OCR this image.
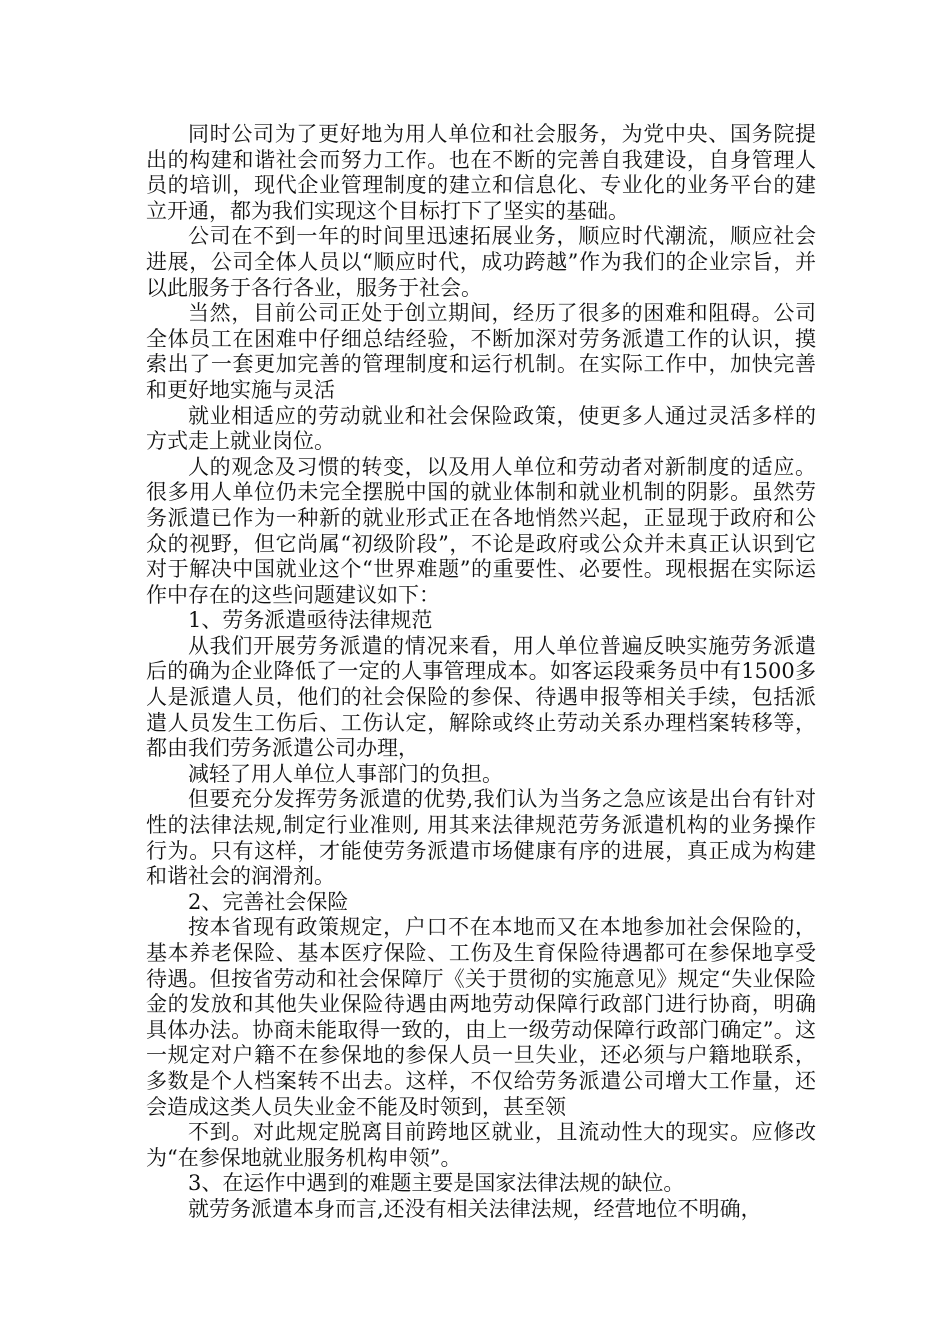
同时公司为了更好地为用人单位和社会服务，为党中央、国务院提出的构建和谐社会而努力工作。也在不断的完善自我建设，自身管理人员的培训，现代企业管理制度的建立和信息化、专业化的业务平台的建立开通，都为我们实现这个目标打下了坚实的基础。

公司在不到一年的时间里迅速拓展业务，顺应时代潮流，顺应社会进展，公司全体人员以“顺应时代，成功跨越”作为我们的企业宗旨，并以此服务于各行各业，服务于社会。

当然，目前公司正处于创立期间，经历了很多的困难和阻碍。公司全体员工在困难中仔细总结经验，不断加深对劳务派遣工作的认识，摸索出了一套更加完善的管理制度和运行机制。在实际工作中，加快完善和更好地实施与灵活

就业相适应的劳动就业和社会保险政策，使更多人通过灵活多样的方式走上就业岗位。

人的观念及习惯的转变，以及用人单位和劳动者对新制度的适应。很多用人单位仍未完全摆脱中国的就业体制和就业机制的阴影。虽然劳务派遣已作为一种新的就业形式正在各地悄然兴起，正显现于政府和公众的视野，但它尚属“初级阶段”，不论是政府或公众并未真正认识到它对于解决中国就业这个“世界难题”的重要性、必要性。现根据在实际运作中存在的这些问题建议如下：

1、劳务派遣亟待法律规范

从我们开展劳务派遣的情况来看，用人单位普遍反映实施劳务派遣后的确为企业降低了一定的人事管理成本。如客运段乘务员中有1500多人是派遣人员，他们的社会保险的参保、待遇申报等相关手续，包括派遣人员发生工伤后、工伤认定，解除或终止劳动关系办理档案转移等，都由我们劳务派遣公司办理，

减轻了用人单位人事部门的负担。

但要充分发挥劳务派遣的优势,我们认为当务之急应该是出台有针对性的法律法规,制定行业准则, 用其来法律规范劳务派遣机构的业务操作行为。只有这样，才能使劳务派遣市场健康有序的进展，真正成为构建和谐社会的润滑剂。

2、完善社会保险

按本省现有政策规定，户口不在本地而又在本地参加社会保险的，基本养老保险、基本医疗保险、工伤及生育保险待遇都可在参保地享受待遇。但按省劳动和社会保障厅《关于贯彻的实施意见》规定“失业保险金的发放和其他失业保险待遇由两地劳动保障行政部门进行协商，明确具体办法。协商未能取得一致的，由上一级劳动保障行政部门确定”。这一规定对户籍不在参保地的参保人员一旦失业，还必须与户籍地联系，多数是个人档案转不出去。这样，不仅给劳务派遣公司增大工作量，还会造成这类人员失业金不能及时领到，甚至领

不到。对此规定脱离目前跨地区就业，且流动性大的现实。应修改为“在参保地就业服务机构申领”。

3、在运作中遇到的难题主要是国家法律法规的缺位。

就劳务派遣本身而言,还没有相关法律法规，经营地位不明确，
